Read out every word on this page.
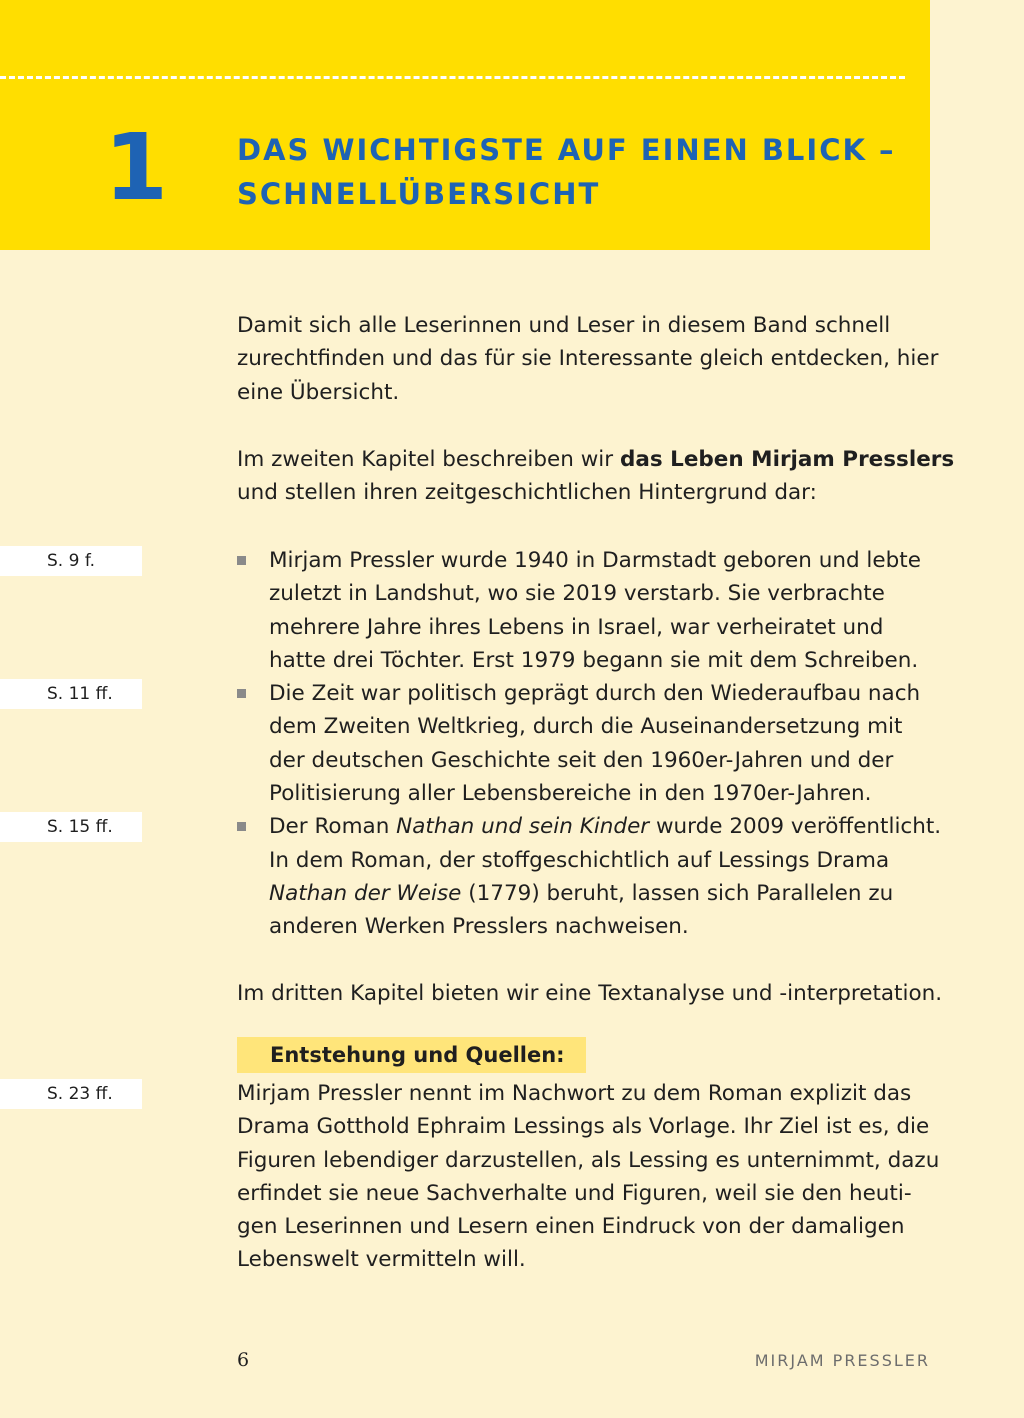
1 DAS WICHTIGSTE AUF EINEN BLICK –
SCHNELLÜBERSICHT
Damit sich alle Leserinnen und Leser in diesem Band schnell
zurechtfinden und das für sie Interessante gleich entdecken, hier
eine Übersicht.
Im zweiten Kapitel beschreiben wir das Leben Mirjam Presslers
und stellen ihren zeitgeschichtlichen Hintergrund dar:
S. 9 f.
S. 11 ff.
S. 15 ff.
S. 23 ff.
Mirjam Pressler wurde 1940 in Darmstadt geboren und lebte
zuletzt in Landshut, wo sie 2019 verstarb. Sie verbrachte
mehrere Jahre ihres Lebens in Israel, war verheiratet und
hatte drei Töchter. Erst 1979 begann sie mit dem Schreiben.
Die Zeit war politisch geprägt durch den Wiederaufbau nach
dem Zweiten Weltkrieg, durch die Auseinandersetzung mit
der deutschen Geschichte seit den 1960er-Jahren und der
Politisierung aller Lebensbereiche in den 1970er-Jahren.
Der Roman Nathan und sein Kinder wurde 2009 veröffentlicht.
In dem Roman, der stoffgeschichtlich auf Lessings Drama
Nathan der Weise (1779) beruht, lassen sich Parallelen zu
anderen Werken Presslers nachweisen.
Im dritten Kapitel bieten wir eine Textanalyse und -interpretation.
Entstehung und Quellen:
Mirjam Pressler nennt im Nachwort zu dem Roman explizit das
Drama Gotthold Ephraim Lessings als Vorlage. Ihr Ziel ist es, die
Figuren lebendiger darzustellen, als Lessing es unternimmt, dazu
erfindet sie neue Sachverhalte und Figuren, weil sie den heuti-
gen Leserinnen und Lesern einen Eindruck von der damaligen
Lebenswelt vermitteln will.
6	MIRJAM PRESSLER
